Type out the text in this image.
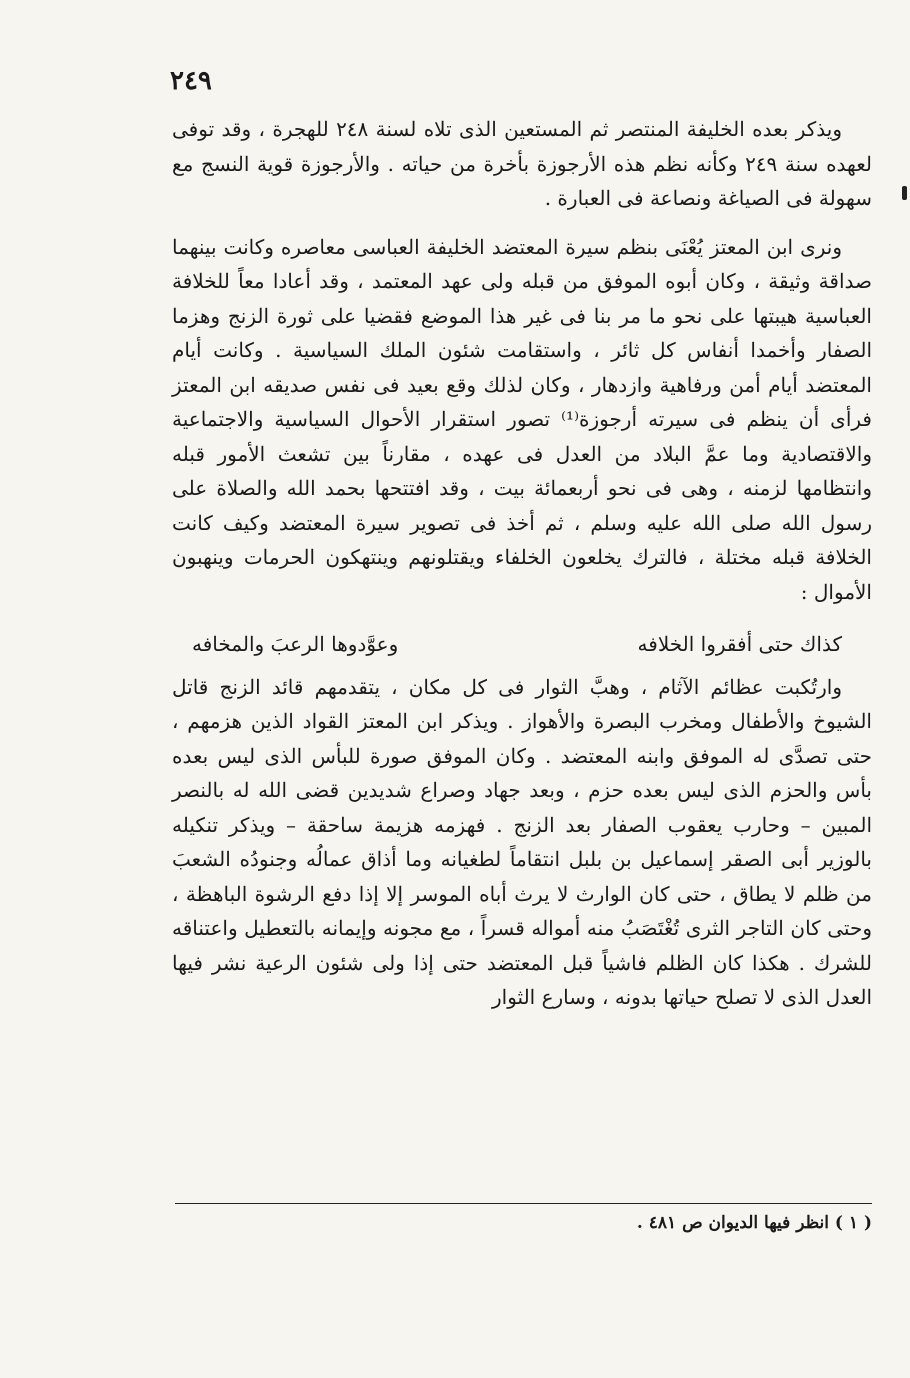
٢٤٩

ويذكر بعده الخليفة المنتصر ثم المستعين الذى تلاه لسنة ٢٤٨ للهجرة ، وقد توفى لعهده سنة ٢٤٩ وكأنه نظم هذه الأرجوزة بأخرة من حياته . والأرجوزة قوية النسج مع سهولة فى الصياغة ونصاعة فى العبارة .

ونرى ابن المعتز يُعْنَى بنظم سيرة المعتضد الخليفة العباسى معاصره وكانت بينهما صداقة وثيقة ، وكان أبوه الموفق من قبله ولى عهد المعتمد ، وقد أعادا معاً للخلافة العباسية هيبتها على نحو ما مر بنا فى غير هذا الموضع فقضيا على ثورة الزنج وهزما الصفار وأخمدا أنفاس كل ثائر ، واستقامت شئون الملك السياسية . وكانت أيام المعتضد أيام أمن ورفاهية وازدهار ، وكان لذلك وقع بعيد فى نفس صديقه ابن المعتز فرأى أن ينظم فى سيرته أرجوزة⁽¹⁾ تصور استقرار الأحوال السياسية والاجتماعية والاقتصادية وما عمَّ البلاد من العدل فى عهده ، مقارناً بين تشعث الأمور قبله وانتظامها لزمنه ، وهى فى نحو أربعمائة بيت ، وقد افتتحها بحمد الله والصلاة على رسول الله صلى الله عليه وسلم ، ثم أخذ فى تصوير سيرة المعتضد وكيف كانت الخلافة قبله مختلة ، فالترك يخلعون الخلفاء ويقتلونهم وينتهكون الحرمات وينهبون الأموال :

كذاك حتى أفقروا الخلافه
وعوَّدوها الرعبَ والمخافه

وارتُكبت عظائم الآثام ، وهبَّ الثوار فى كل مكان ، يتقدمهم قائد الزنج قاتل الشيوخ والأطفال ومخرب البصرة والأهواز . ويذكر ابن المعتز القواد الذين هزمهم ، حتى تصدَّى له الموفق وابنه المعتضد . وكان الموفق صورة للبأس الذى ليس بعده بأس والحزم الذى ليس بعده حزم ، وبعد جهاد وصراع شديدين قضى الله له بالنصر المبين – وحارب يعقوب الصفار بعد الزنج . فهزمه هزيمة ساحقة – ويذكر تنكيله بالوزير أبى الصقر إسماعيل بن بلبل انتقاماً لطغيانه وما أذاق عمالُه وجنودُه الشعبَ من ظلم لا يطاق ، حتى كان الوارث لا يرث أباه الموسر إلا إذا دفع الرشوة الباهظة ، وحتى كان التاجر الثرى تُغْتَصَبُ منه أمواله قسراً ، مع مجونه وإيمانه بالتعطيل واعتناقه للشرك . هكذا كان الظلم فاشياً قبل المعتضد حتى إذا ولى شئون الرعية نشر فيها العدل الذى لا تصلح حياتها بدونه ، وسارع الثوار

( ١ ) انظر فيها الديوان ص ٤٨١ .
